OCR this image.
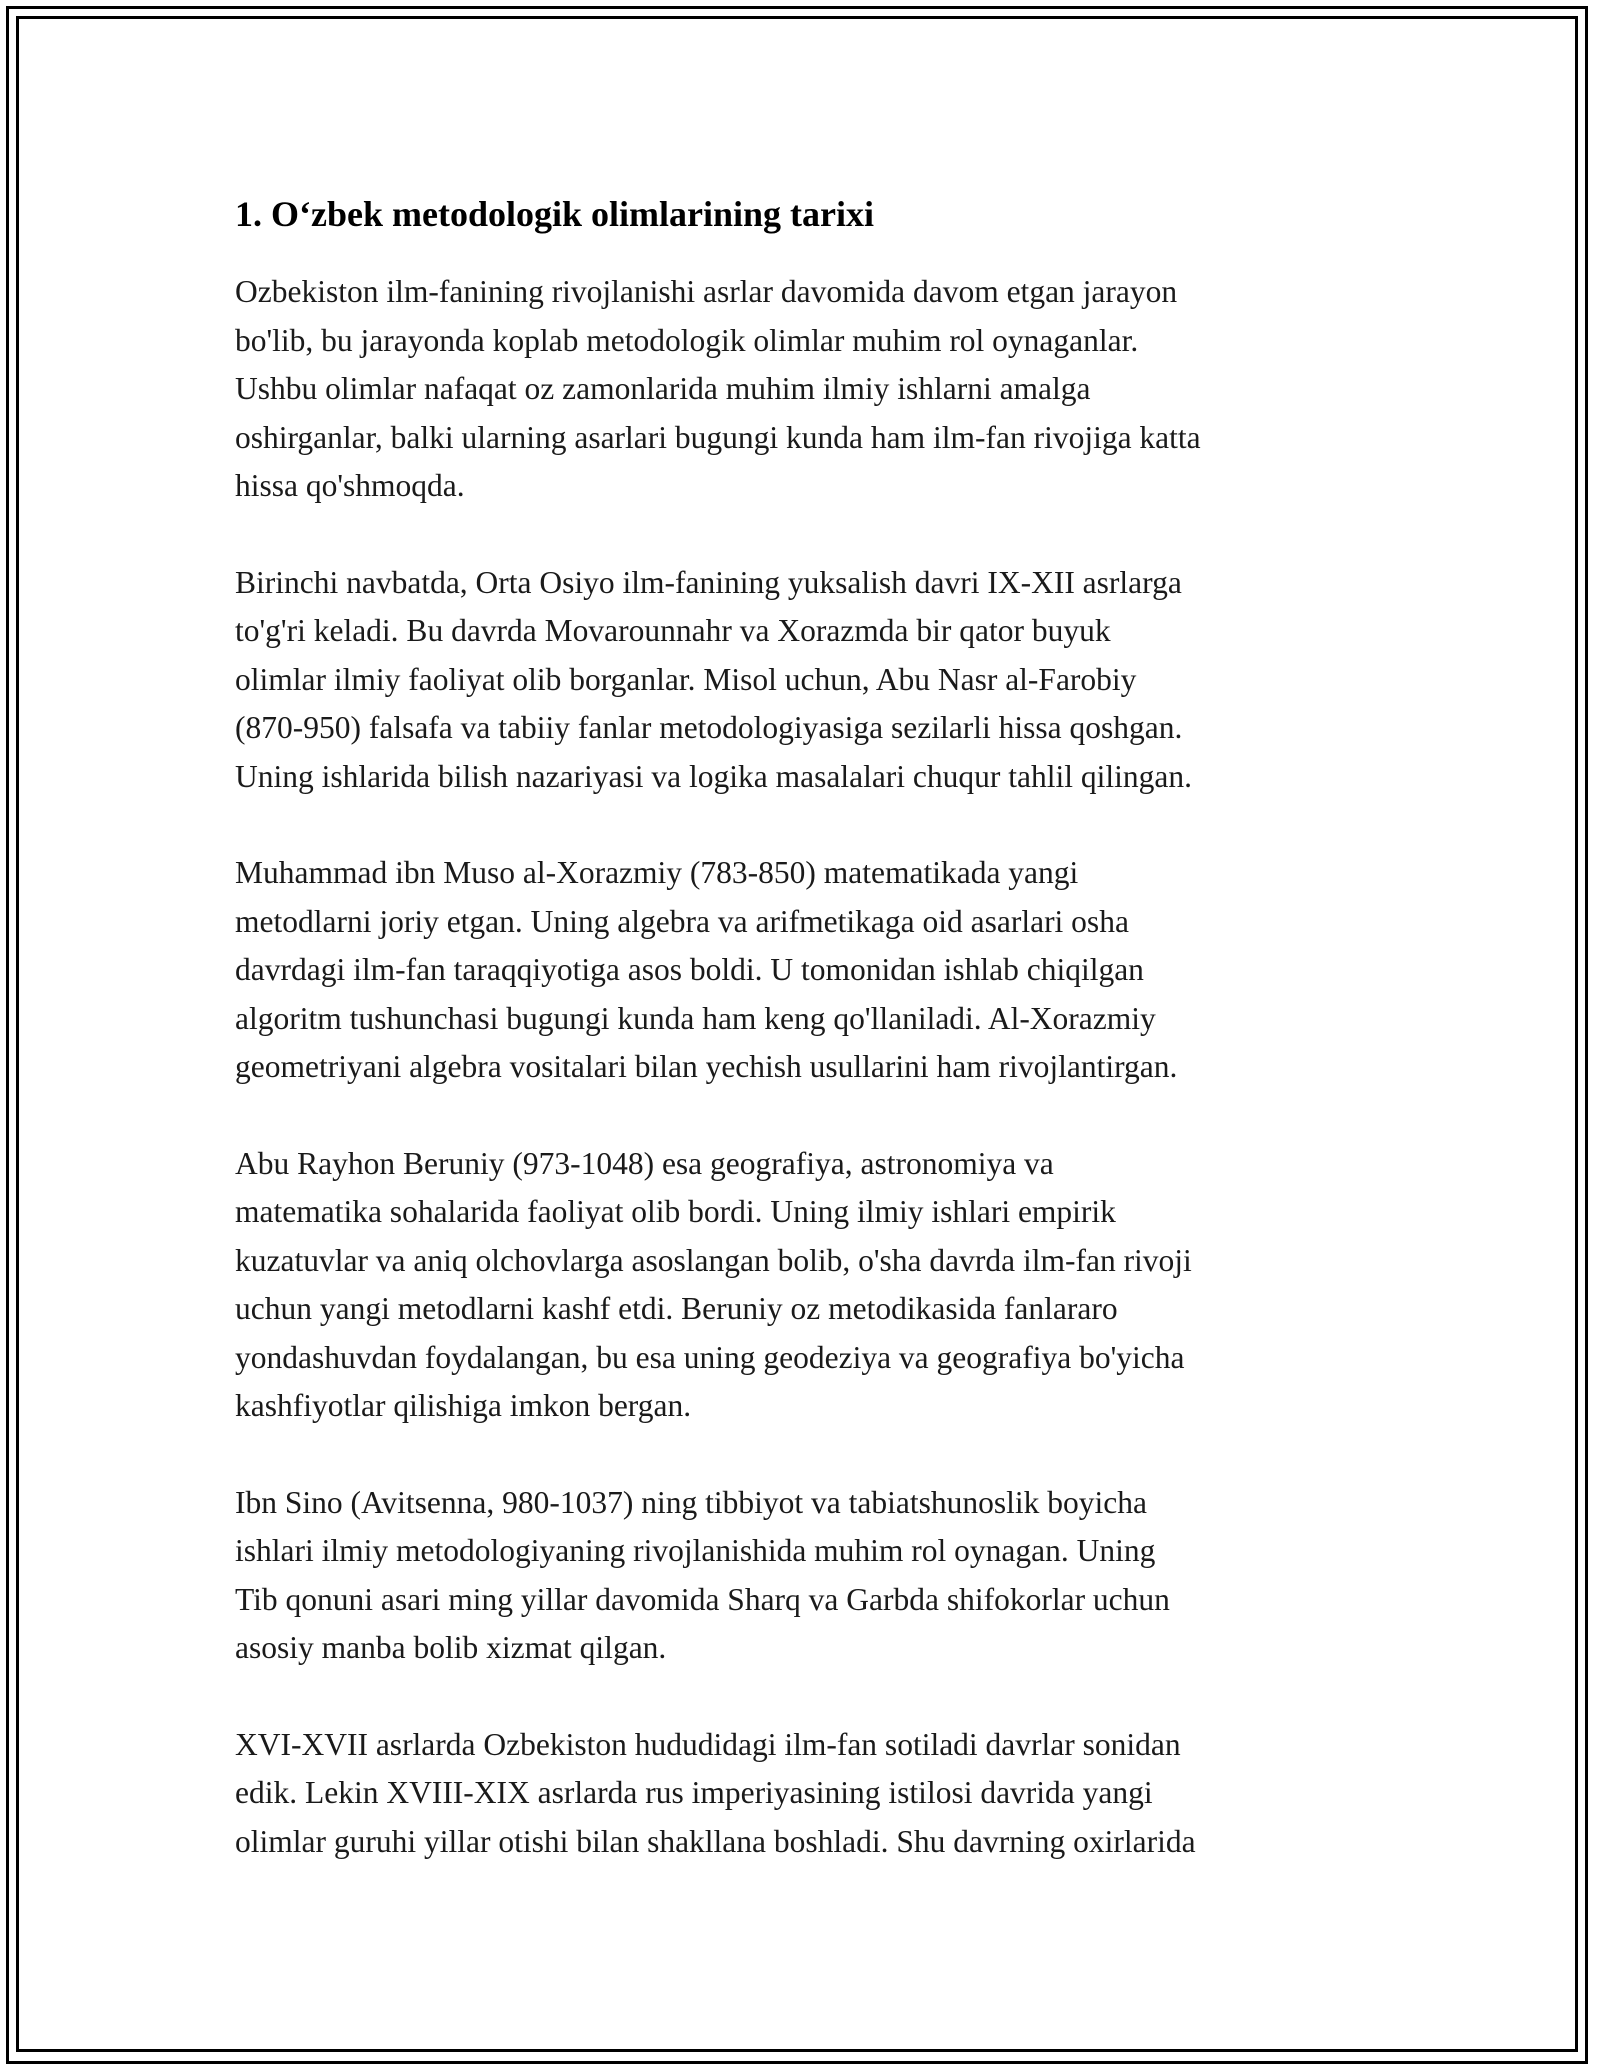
1. O‘zbek metodologik olimlarining tarixi

Ozbekiston ilm-fanining rivojlanishi asrlar davomida davom etgan jarayon
bo'lib, bu jarayonda koplab metodologik olimlar muhim rol oynaganlar.
Ushbu olimlar nafaqat oz zamonlarida muhim ilmiy ishlarni amalga
oshirganlar, balki ularning asarlari bugungi kunda ham ilm-fan rivojiga katta
hissa qo'shmoqda.

Birinchi navbatda, Orta Osiyo ilm-fanining yuksalish davri IX-XII asrlarga
to'g'ri keladi. Bu davrda Movarounnahr va Xorazmda bir qator buyuk
olimlar ilmiy faoliyat olib borganlar. Misol uchun, Abu Nasr al-Farobiy
(870-950) falsafa va tabiiy fanlar metodologiyasiga sezilarli hissa qoshgan.
Uning ishlarida bilish nazariyasi va logika masalalari chuqur tahlil qilingan.

Muhammad ibn Muso al-Xorazmiy (783-850) matematikada yangi
metodlarni joriy etgan. Uning algebra va arifmetikaga oid asarlari osha
davrdagi ilm-fan taraqqiyotiga asos boldi. U tomonidan ishlab chiqilgan
algoritm tushunchasi bugungi kunda ham keng qo'llaniladi. Al-Xorazmiy
geometriyani algebra vositalari bilan yechish usullarini ham rivojlantirgan.

Abu Rayhon Beruniy (973-1048) esa geografiya, astronomiya va
matematika sohalarida faoliyat olib bordi. Uning ilmiy ishlari empirik
kuzatuvlar va aniq olchovlarga asoslangan bolib, o'sha davrda ilm-fan rivoji
uchun yangi metodlarni kashf etdi. Beruniy oz metodikasida fanlararo
yondashuvdan foydalangan, bu esa uning geodeziya va geografiya bo'yicha
kashfiyotlar qilishiga imkon bergan.

Ibn Sino (Avitsenna, 980-1037) ning tibbiyot va tabiatshunoslik boyicha
ishlari ilmiy metodologiyaning rivojlanishida muhim rol oynagan. Uning
Tib qonuni asari ming yillar davomida Sharq va Garbda shifokorlar uchun
asosiy manba bolib xizmat qilgan.

XVI-XVII asrlarda Ozbekiston hududidagi ilm-fan sotiladi davrlar sonidan
edik. Lekin XVIII-XIX asrlarda rus imperiyasining istilosi davrida yangi
olimlar guruhi yillar otishi bilan shakllana boshladi. Shu davrning oxirlarida
